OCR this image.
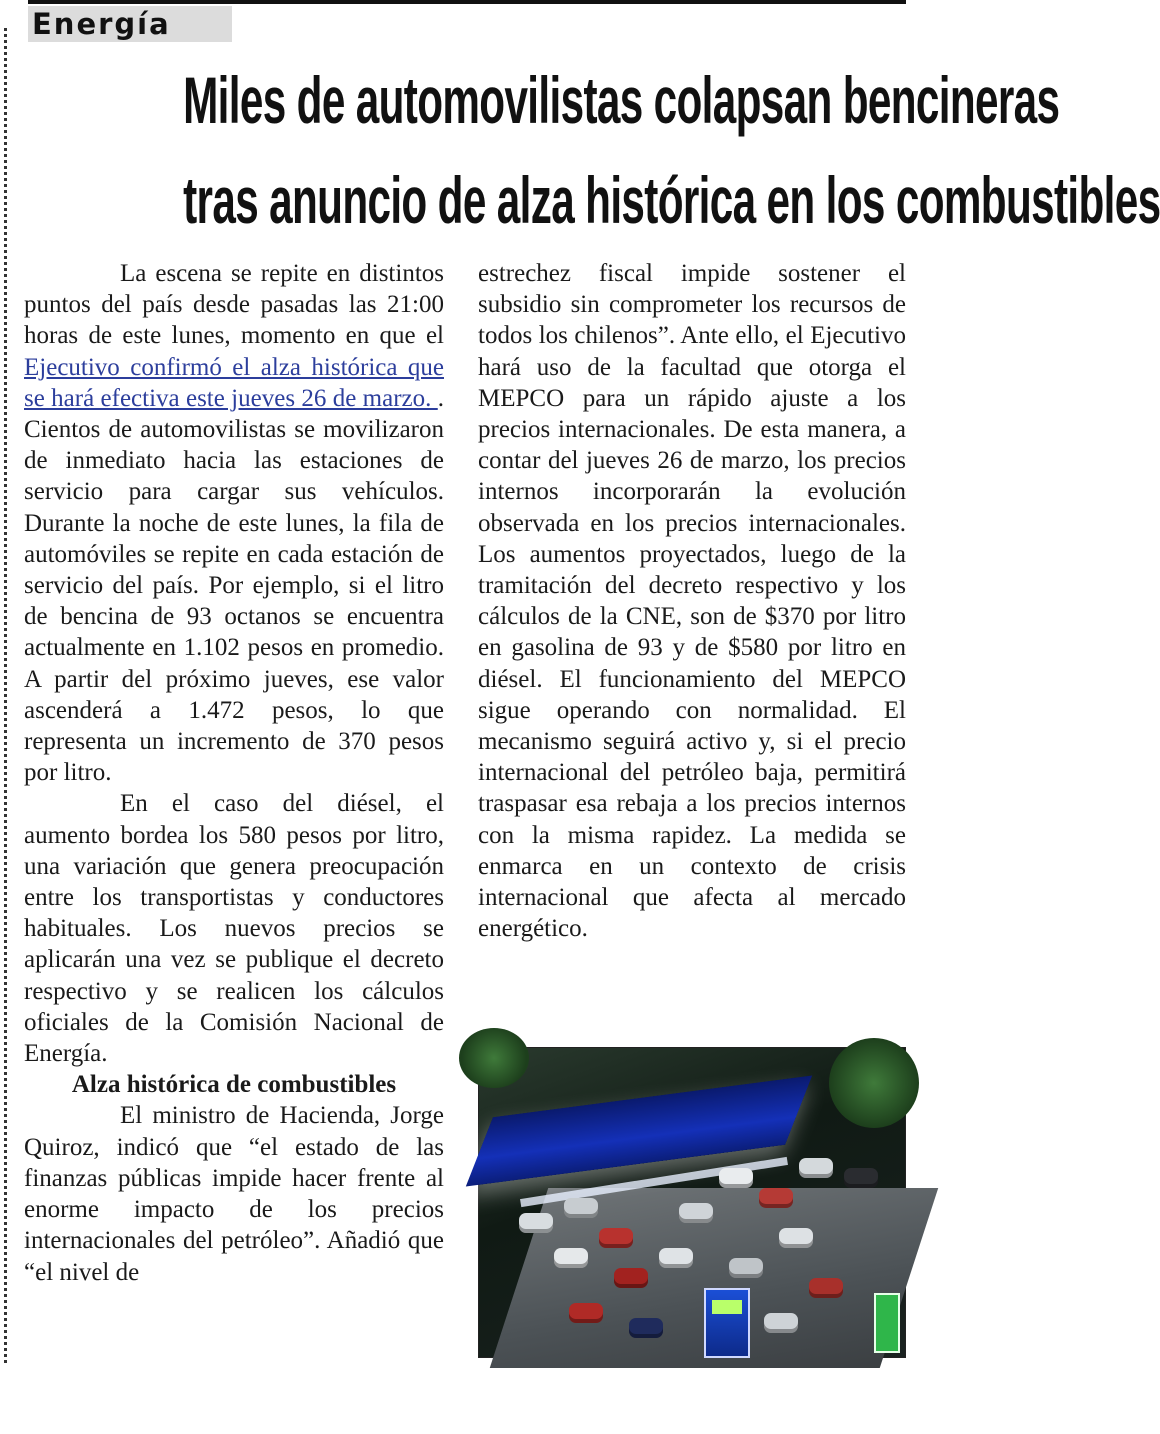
Energía
Miles de automovilistas colapsan bencineras
tras anuncio de alza histórica en los combustibles

La escena se repite en distintos puntos del país desde pasadas las 21:00 horas de este lunes, momento en que el Ejecutivo confirmó el alza histórica que se hará efectiva este jueves 26 de marzo. . Cientos de automovilistas se movilizaron de inmediato hacia las estaciones de servicio para cargar sus vehículos. Durante la noche de este lunes, la fila de automóviles se repite en cada estación de servicio del país. Por ejemplo, si el litro de bencina de 93 octanos se encuentra actualmente en 1.102 pesos en promedio. A partir del próximo jueves, ese valor ascenderá a 1.472 pesos, lo que representa un incremento de 370 pesos por litro.

En el caso del diésel, el aumento bordea los 580 pesos por litro, una variación que genera preocupación entre los transportistas y conductores habituales. Los nuevos precios se aplicarán una vez se publique el decreto respectivo y se realicen los cálculos oficiales de la Comisión Nacional de Energía.

Alza histórica de combustibles

El ministro de Hacienda, Jorge Quiroz, indicó que “el estado de las finanzas públicas impide hacer frente al enorme impacto de los precios internacionales del petróleo”. Añadió que “el nivel de

estrechez fiscal impide sostener el subsidio sin comprometer los recursos de todos los chilenos”. Ante ello, el Ejecutivo hará uso de la facultad que otorga el MEPCO para un rápido ajuste a los precios internacionales. De esta manera, a contar del jueves 26 de marzo, los precios internos incorporarán la evolución observada en los precios internacionales. Los aumentos proyectados, luego de la tramitación del decreto respectivo y los cálculos de la CNE, son de $370 por litro en gasolina de 93 y de $580 por litro en diésel. El funcionamiento del MEPCO sigue operando con normalidad. El mecanismo seguirá activo y, si el precio internacional del petróleo baja, permitirá traspasar esa rebaja a los precios internos con la misma rapidez. La medida se enmarca en un contexto de crisis internacional que afecta al mercado energético.
